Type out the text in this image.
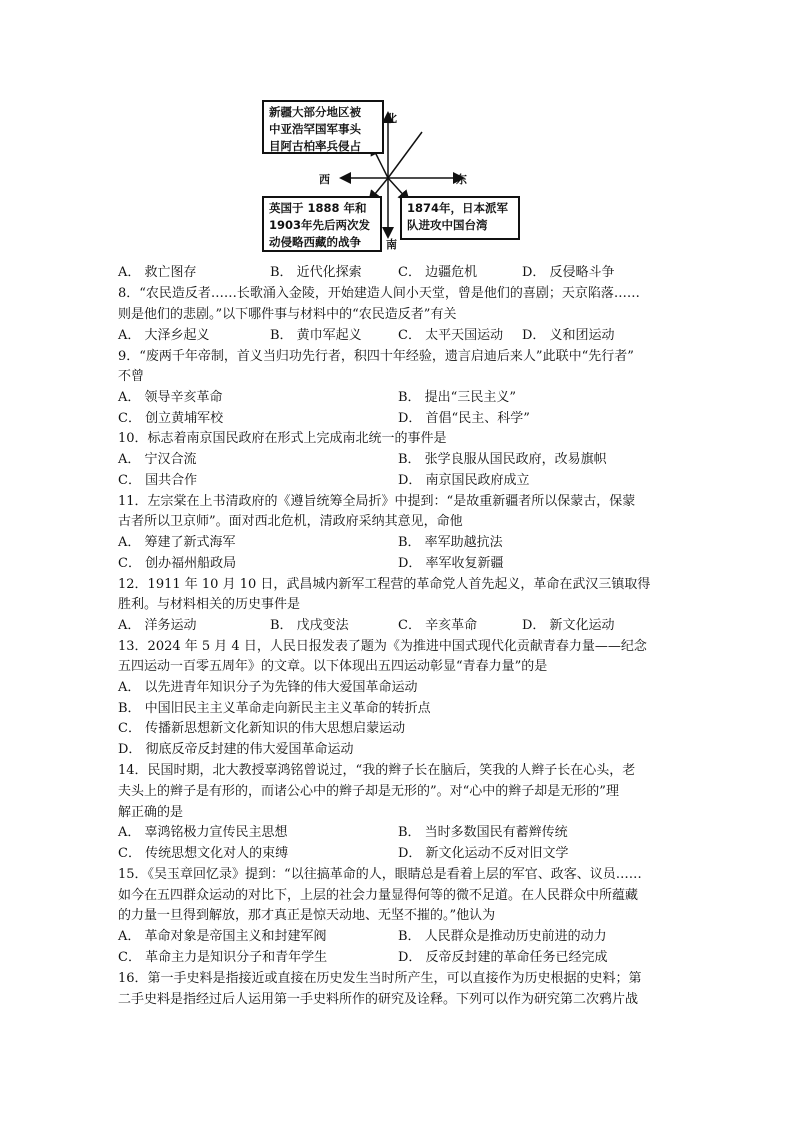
新疆大部分地区被
中亚浩罕国军事头
目阿古柏率兵侵占
英国于 1888 年和
1903年先后两次发
动侵略西藏的战争
1874年，日本派军
队进攻中国台湾
北
南
东
西
A． 救亡图存	B． 近代化探索	C． 边疆危机	D． 反侵略斗争
8．“农民造反者……长歌涌入金陵，开始建造人间小天堂，曾是他们的喜剧；天京陷落……
则是他们的悲剧。”以下哪件事与材料中的“农民造反者”有关
A． 大泽乡起义	B． 黄巾军起义	C． 太平天国运动 D． 义和团运动
9．“废两千年帝制，首义当归功先行者，积四十年经验，遗言启迪后来人”此联中“先行者”
不曾
A． 领导辛亥革命	B． 提出“三民主义”
C． 创立黄埔军校	D． 首倡“民主、科学”
10．标志着南京国民政府在形式上完成南北统一的事件是
A． 宁汉合流	B． 张学良服从国民政府，改易旗帜
C． 国共合作	D． 南京国民政府成立
11．左宗棠在上书清政府的《遵旨统筹全局折》中提到：“是故重新疆者所以保蒙古，保蒙
古者所以卫京师”。面对西北危机，清政府采纳其意见，命他
A． 筹建了新式海军	B． 率军助越抗法
C． 创办福州船政局	D． 率军收复新疆
12．1911 年 10 月 10 日，武昌城内新军工程营的革命党人首先起义，革命在武汉三镇取得
胜利。与材料相关的历史事件是
A． 洋务运动	B． 戊戌变法	C． 辛亥革命	D． 新文化运动
13．2024 年 5 月 4 日，人民日报发表了题为《为推进中国式现代化贡献青春力量——纪念
五四运动一百零五周年》的文章。以下体现出五四运动彰显“青春力量”的是
A． 以先进青年知识分子为先锋的伟大爱国革命运动
B． 中国旧民主主义革命走向新民主主义革命的转折点
C． 传播新思想新文化新知识的伟大思想启蒙运动
D． 彻底反帝反封建的伟大爱国革命运动
14．民国时期，北大教授辜鸿铭曾说过，“我的辫子长在脑后，笑我的人辫子长在心头，老
夫头上的辫子是有形的，而诸公心中的辫子却是无形的”。对“心中的辫子却是无形的”理
解正确的是
A． 辜鸿铭极力宣传民主思想	B． 当时多数国民有蓄辫传统
C． 传统思想文化对人的束缚	D． 新文化运动不反对旧文学
15．《吴玉章回忆录》提到：“以往搞革命的人，眼睛总是看着上层的军官、政客、议员……
如今在五四群众运动的对比下，上层的社会力量显得何等的微不足道。在人民群众中所蕴藏
的力量一旦得到解放，那才真正是惊天动地、无坚不摧的。”他认为
A． 革命对象是帝国主义和封建军阀	B． 人民群众是推动历史前进的动力
C． 革命主力是知识分子和青年学生	D． 反帝反封建的革命任务已经完成
16．第一手史料是指接近或直接在历史发生当时所产生，可以直接作为历史根据的史料；第
二手史料是指经过后人运用第一手史料所作的研究及诠释。下列可以作为研究第二次鸦片战
